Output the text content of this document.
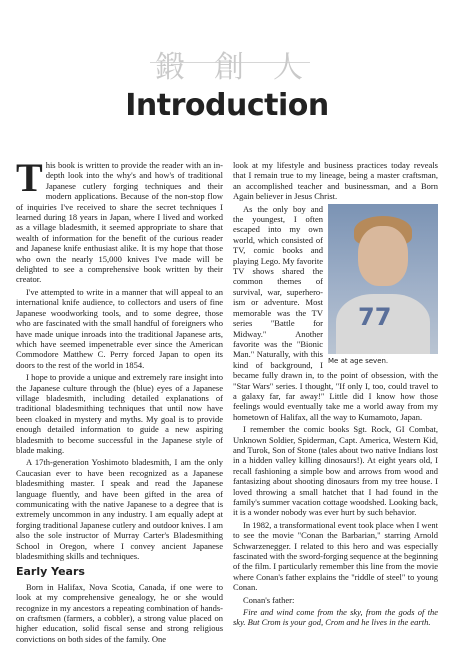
鍛 創 人
Introduction

This book is written to provide the reader with an in-depth look into the why's and how's of traditional Japanese cutlery forging techniques and their modern applications. Because of the non-stop flow of inquiries I've received to share the secret techniques I learned during 18 years in Japan, where I lived and worked as a village bladesmith, it seemed appropriate to share that wealth of information for the benefit of the curious reader and Japanese knife enthusiast alike. It is my hope that those who own the nearly 15,000 knives I've made will be delighted to see a comprehensive book written by their creator.

I've attempted to write in a manner that will appeal to an international knife audience, to collectors and users of fine Japanese woodworking tools, and to some degree, those who are fascinated with the small handful of foreigners who have made unique inroads into the traditional Japanese arts, which have seemed impenetrable ever since the American Commodore Matthew C. Perry forced Japan to open its doors to the rest of the world in 1854.

I hope to provide a unique and extremely rare insight into the Japanese culture through the (blue) eyes of a Japanese village bladesmith, including detailed explanations of traditional bladesmithing techniques that until now have been cloaked in mystery and myths. My goal is to provide enough detailed information to guide a new aspiring bladesmith to become successful in the Japanese style of blade making.

A 17th-generation Yoshimoto bladesmith, I am the only Caucasian ever to have been recognized as a Japanese bladesmithing master. I speak and read the Japanese language fluently, and have been gifted in the area of communicating with the native Japanese to a degree that is extremely uncommon in any industry. I am equally adept at forging traditional Japanese cutlery and outdoor knives. I am also the sole instructor of Murray Carter's Bladesmithing School in Oregon, where I convey ancient Japanese bladesmithing skills and techniques.

Early Years

Born in Halifax, Nova Scotia, Canada, if one were to look at my comprehensive genealogy, he or she would recognize in my ancestors a repeating combination of hands-on craftsmen (farmers, a cobbler), a strong value placed on higher education, solid fiscal sense and strong religious convictions on both sides of the family. One

look at my lifestyle and business practices today reveals that I remain true to my lineage, being a master craftsman, an accomplished teacher and businessman, and a Born Again believer in Jesus Christ.

77
Me at age seven.

As the only boy and the youngest, I often escaped into my own world, which consisted of TV, comic books and playing Lego. My favorite TV shows shared the common themes of survival, war, superhero-ism or adventure. Most memorable was the TV series "Battle for Midway." Another favorite was the "Bionic Man." Naturally, with this kind of background, I became fully drawn in, to the point of obsession, with the "Star Wars" series. I thought, "If only I, too, could travel to a galaxy far, far away!" Little did I know how those feelings would eventually take me a world away from my hometown of Halifax, all the way to Kumamoto, Japan.

I remember the comic books Sgt. Rock, GI Combat, Unknown Soldier, Spiderman, Capt. America, Western Kid, and Turok, Son of Stone (tales about two native Indians lost in a hidden valley killing dinosaurs!). At eight years old, I recall fashioning a simple bow and arrows from wood and fantasizing about shooting dinosaurs from my tree house. I loved throwing a small hatchet that I had found in the family's summer vacation cottage woodshed. Looking back, it is a wonder nobody was ever hurt by such behavior.

In 1982, a transformational event took place when I went to see the movie "Conan the Barbarian," starring Arnold Schwarzenegger. I related to this hero and was especially fascinated with the sword-forging sequence at the beginning of the film. I particularly remember this line from the movie where Conan's father explains the "riddle of steel" to young Conan.

Conan's father:

Fire and wind come from the sky, from the gods of the sky. But Crom is your god, Crom and he lives in the earth.
